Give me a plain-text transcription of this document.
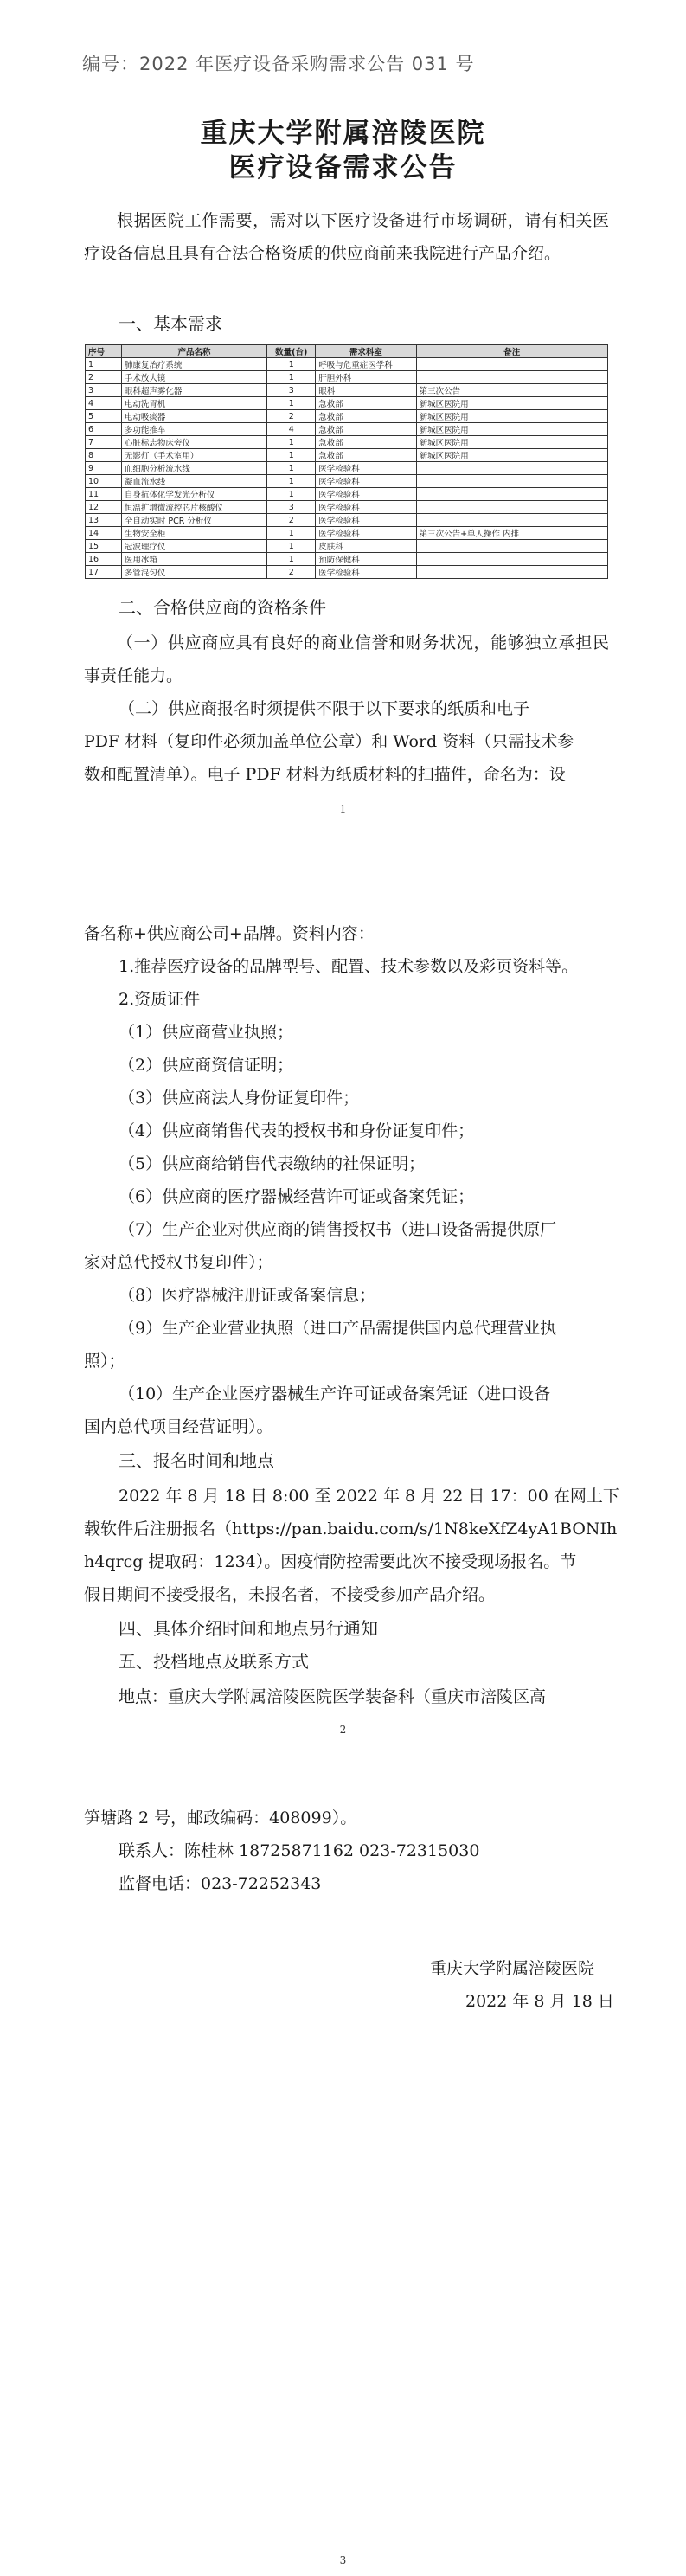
编号：2022 年医疗设备采购需求公告 031 号
重庆大学附属涪陵医院
医疗设备需求公告
根据医院工作需要，需对以下医疗设备进行市场调研，请有相关医疗设备信息且具有合法合格资质的供应商前来我院进行产品介绍。
一、基本需求
序号	产品名称	数量(台)	需求科室	备注
1	肺康复治疗系统	1	呼吸与危重症医学科	
2	手术放大镜	1	肝胆外科	
3	眼科超声雾化器	3	眼科	第三次公告
4	电动洗胃机	1	急救部	新城区医院用
5	电动吸痰器	2	急救部	新城区医院用
6	多功能推车	4	急救部	新城区医院用
7	心脏标志物床旁仪	1	急救部	新城区医院用
8	无影灯（手术室用）	1	急救部	新城区医院用
9	血细胞分析流水线	1	医学检验科	
10	凝血流水线	1	医学检验科	
11	自身抗体化学发光分析仪	1	医学检验科	
12	恒温扩增微流控芯片核酸仪	3	医学检验科	
13	全自动实时 PCR 分析仪	2	医学检验科	
14	生物安全柜	1	医学检验科	第三次公告+单人操作 内排
15	冠波理疗仪	1	皮肤科	
16	医用冰箱	1	预防保健科	
17	多管混匀仪	2	医学检验科	
二、合格供应商的资格条件
（一）供应商应具有良好的商业信誉和财务状况，能够独立承担民事责任能力。
（二）供应商报名时须提供不限于以下要求的纸质和电子
PDF 材料（复印件必须加盖单位公章）和 Word 资料（只需技术参
数和配置清单）。电子 PDF 材料为纸质材料的扫描件，命名为：设
1
备名称+供应商公司+品牌。资料内容：
1.推荐医疗设备的品牌型号、配置、技术参数以及彩页资料等。
2.资质证件
（1）供应商营业执照；
（2）供应商资信证明；
（3）供应商法人身份证复印件；
（4）供应商销售代表的授权书和身份证复印件；
（5）供应商给销售代表缴纳的社保证明；
（6）供应商的医疗器械经营许可证或备案凭证；
（7）生产企业对供应商的销售授权书（进口设备需提供原厂
家对总代授权书复印件）；
（8）医疗器械注册证或备案信息；
（9）生产企业营业执照（进口产品需提供国内总代理营业执
照）；
（10）生产企业医疗器械生产许可证或备案凭证（进口设备
国内总代项目经营证明）。
三、报名时间和地点
2022 年 8 月 18 日 8:00 至 2022 年 8 月 22 日 17：00 在网上下
载软件后注册报名（https://pan.baidu.com/s/1N8keXfZ4yA1BONIh
h4qrcg 提取码：1234）。因疫情防控需要此次不接受现场报名。节
假日期间不接受报名，未报名者，不接受参加产品介绍。
四、具体介绍时间和地点另行通知
五、投档地点及联系方式
地点：重庆大学附属涪陵医院医学装备科（重庆市涪陵区高
2
笋塘路 2 号，邮政编码：408099）。
联系人：陈桂林 18725871162 023-72315030
监督电话：023-72252343
重庆大学附属涪陵医院
2022 年 8 月 18 日
3
